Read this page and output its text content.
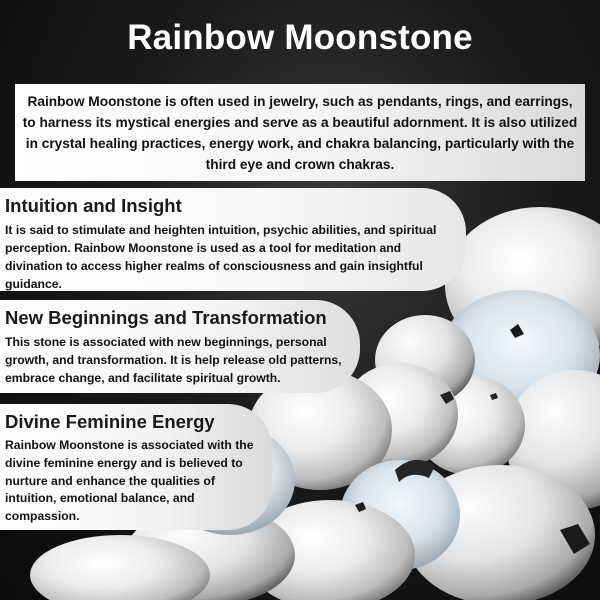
Rainbow Moonstone
Rainbow Moonstone is often used in jewelry, such as pendants, rings, and earrings, to harness its mystical energies and serve as a beautiful adornment. It is also utilized in crystal healing practices, energy work, and chakra balancing, particularly with the third eye and crown chakras.
Intuition and Insight

It is said to stimulate and heighten intuition, psychic abilities, and spiritual perception. Rainbow Moonstone is used as a tool for meditation and divination to access higher realms of consciousness and gain insightful guidance.

New Beginnings and Transformation

This stone is associated with new beginnings, personal growth, and transformation. It is help release old patterns, embrace change, and facilitate spiritual growth.

Divine Feminine Energy

Rainbow Moonstone is associated with the divine feminine energy and is believed to nurture and enhance the qualities of intuition, emotional balance, and compassion.
